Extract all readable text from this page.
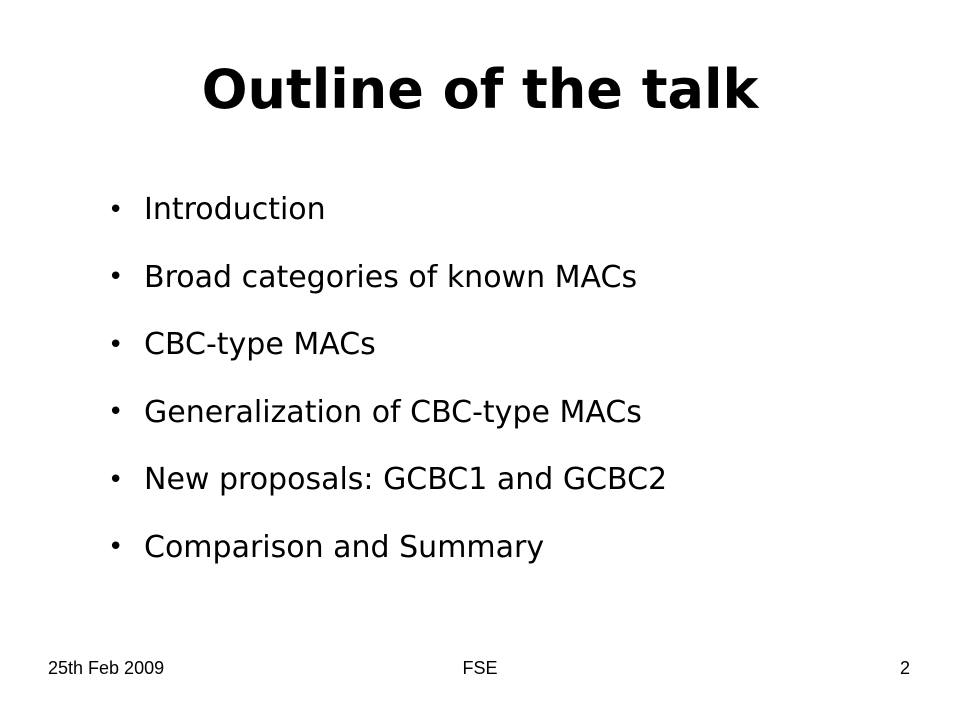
Outline of the talk
• Introduction
• Broad categories of known MACs
• CBC-type MACs
• Generalization of CBC-type MACs
• New proposals: GCBC1 and GCBC2
• Comparison and Summary
25th Feb 2009	FSE	2
